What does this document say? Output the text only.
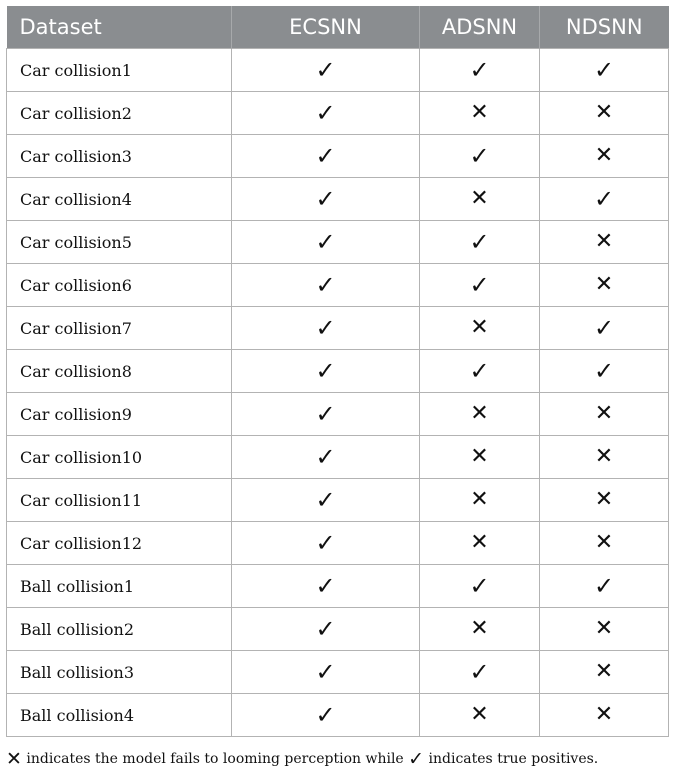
Dataset	ECSNN	ADSNN	NDSNN
Car collision1	✓	✓	✓
Car collision2	✓	✕	✕
Car collision3	✓	✓	✕
Car collision4	✓	✕	✓
Car collision5	✓	✓	✕
Car collision6	✓	✓	✕
Car collision7	✓	✕	✓
Car collision8	✓	✓	✓
Car collision9	✓	✕	✕
Car collision10	✓	✕	✕
Car collision11	✓	✕	✕
Car collision12	✓	✕	✕
Ball collision1	✓	✓	✓
Ball collision2	✓	✕	✕
Ball collision3	✓	✓	✕
Ball collision4	✓	✕	✕
✕ indicates the model fails to looming perception while ✓ indicates true positives.
